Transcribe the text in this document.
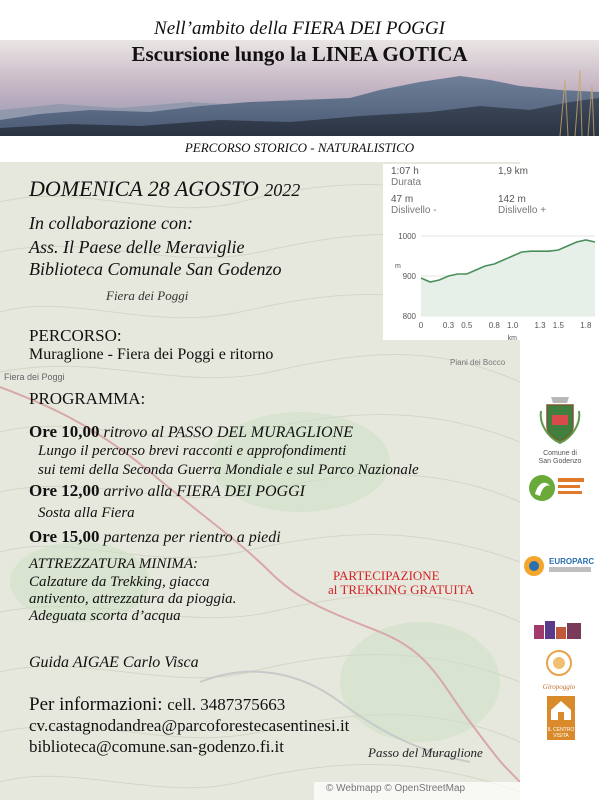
Nell’ambito della FIERA DEI POGGI
Escursione lungo la LINEA GOTICA
PERCORSO STORICO - NATURALISTICO
DOMENICA 28 AGOSTO 2022
In collaborazione con:
Ass. Il Paese delle Meraviglie
Biblioteca Comunale San Godenzo
Fiera dei Poggi
Fiera dei Poggi
Piani dei Bocco
PERCORSO:
Muraglione - Fiera dei Poggi e ritorno
PROGRAMMA:
Ore 10,00 ritrovo al PASSO DEL MURAGLIONE
Lungo il percorso brevi racconti e approfondimenti
sui temi della Seconda Guerra Mondiale e sul Parco Nazionale
Ore 12,00 arrivo alla FIERA DEI POGGI
Sosta alla Fiera
Ore 15,00 partenza per rientro a piedi
ATTREZZATURA MINIMA:
Calzature da Trekking, giacca
antivento, attrezzatura da pioggia.
Adeguata scorta d’acqua
PARTECIPAZIONE
al TREKKING GRATUITA
Guida AIGAE Carlo Visca
Per informazioni: cell. 3487375663
cv.castagnodandrea@parcoforestecasentinesi.it
biblioteca@comune.san-godenzo.fi.it	Passo del Muraglione
© Webmapp © OpenStreetMap
1:07 h
Durata
1,9 km
47 m
Dislivello -
142 m
Dislivello +
800
900
1000
0 0.3 0.5 0.8 1.0 1.3 1.5 1.8
km
m
Comune di San Godenzo
EUROPARC
Giropoggio
IL CENTRO VISITA
